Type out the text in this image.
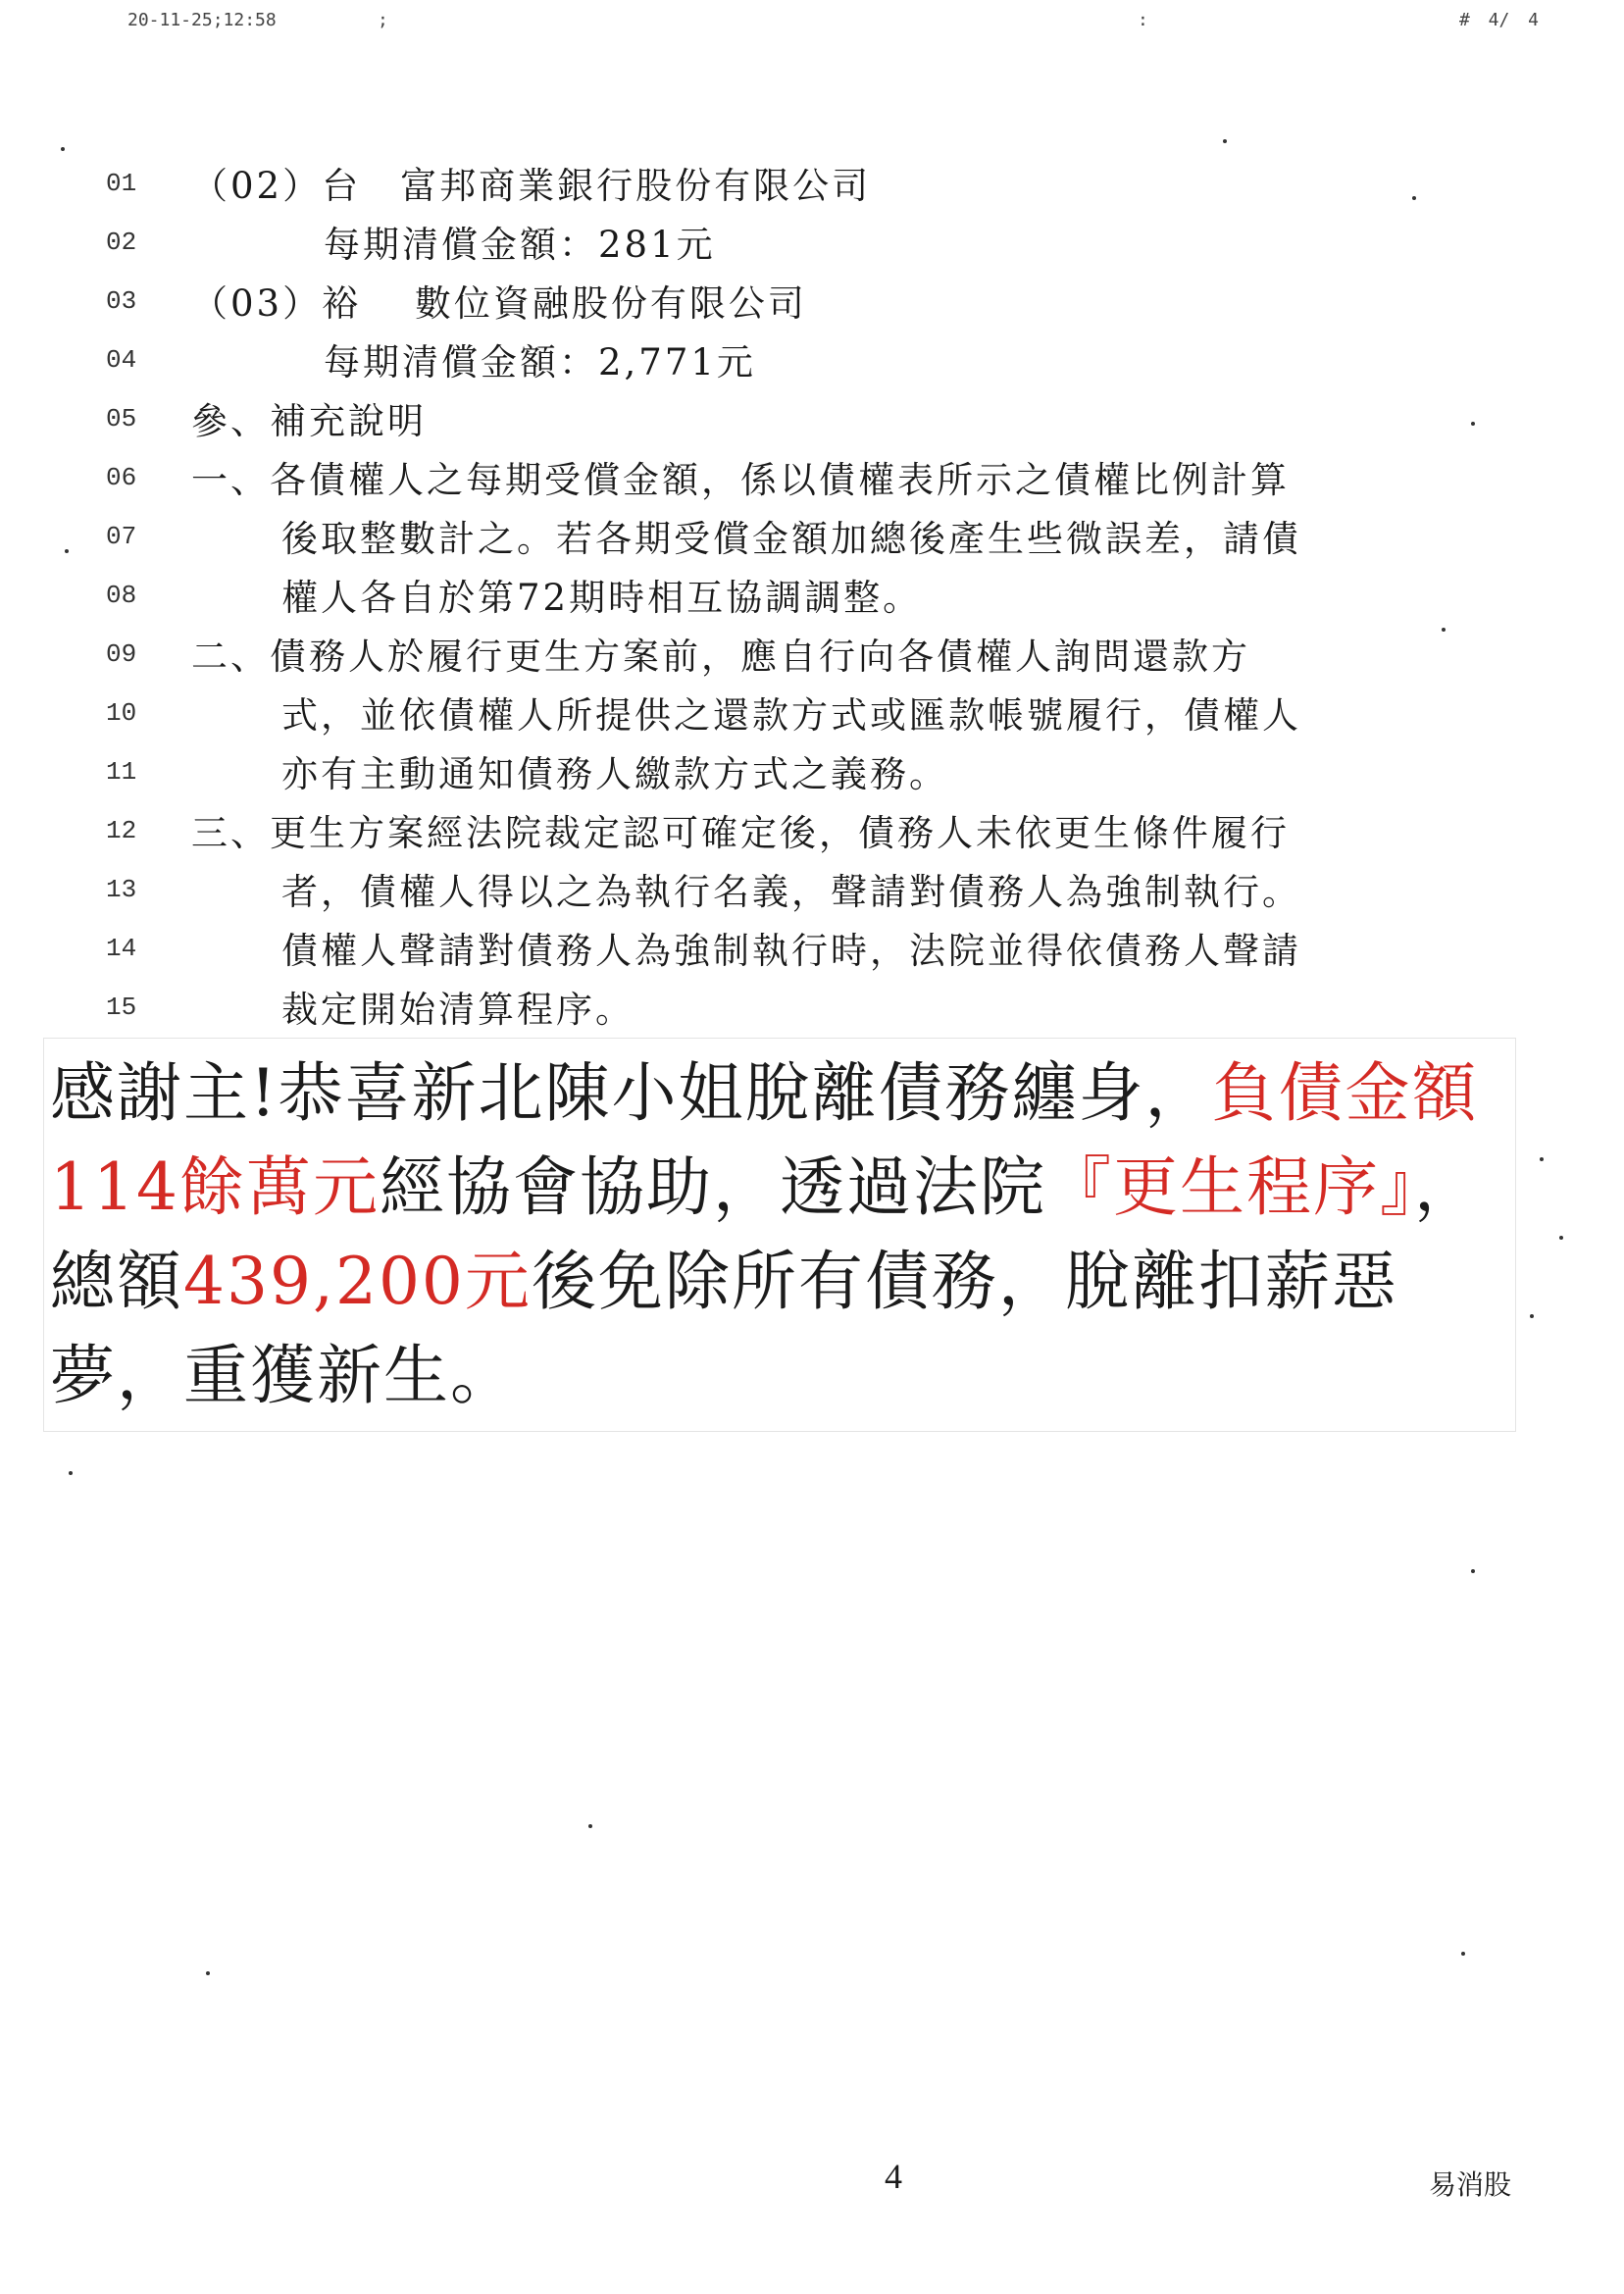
20-11-25;12:58	;	:	# 4/ 4
01 （02）台　富邦商業銀行股份有限公司
02	每期清償金額：281元
03 （03）裕　 數位資融股份有限公司
04	每期清償金額：2,771元
05 參、補充說明
06 一、各債權人之每期受償金額，係以債權表所示之債權比例計算
07	後取整數計之。若各期受償金額加總後產生些微誤差，請債
08	權人各自於第72期時相互協調調整。
09 二、債務人於履行更生方案前，應自行向各債權人詢問還款方
10	式，並依債權人所提供之還款方式或匯款帳號履行，債權人
11	亦有主動通知債務人繳款方式之義務。
12 三、更生方案經法院裁定認可確定後，債務人未依更生條件履行
13	者，債權人得以之為執行名義，聲請對債務人為強制執行。
14	債權人聲請對債務人為強制執行時，法院並得依債務人聲請
15	裁定開始清算程序。
感謝主!恭喜新北陳小姐脫離債務纏身，負債金額114餘萬元經協會協助，透過法院『更生程序』，總額439,200元後免除所有債務，脫離扣薪惡夢，重獲新生。
4	易消股
